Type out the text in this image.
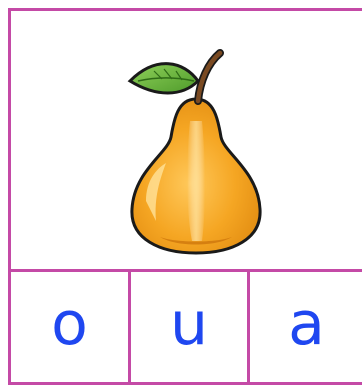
o	u	a
